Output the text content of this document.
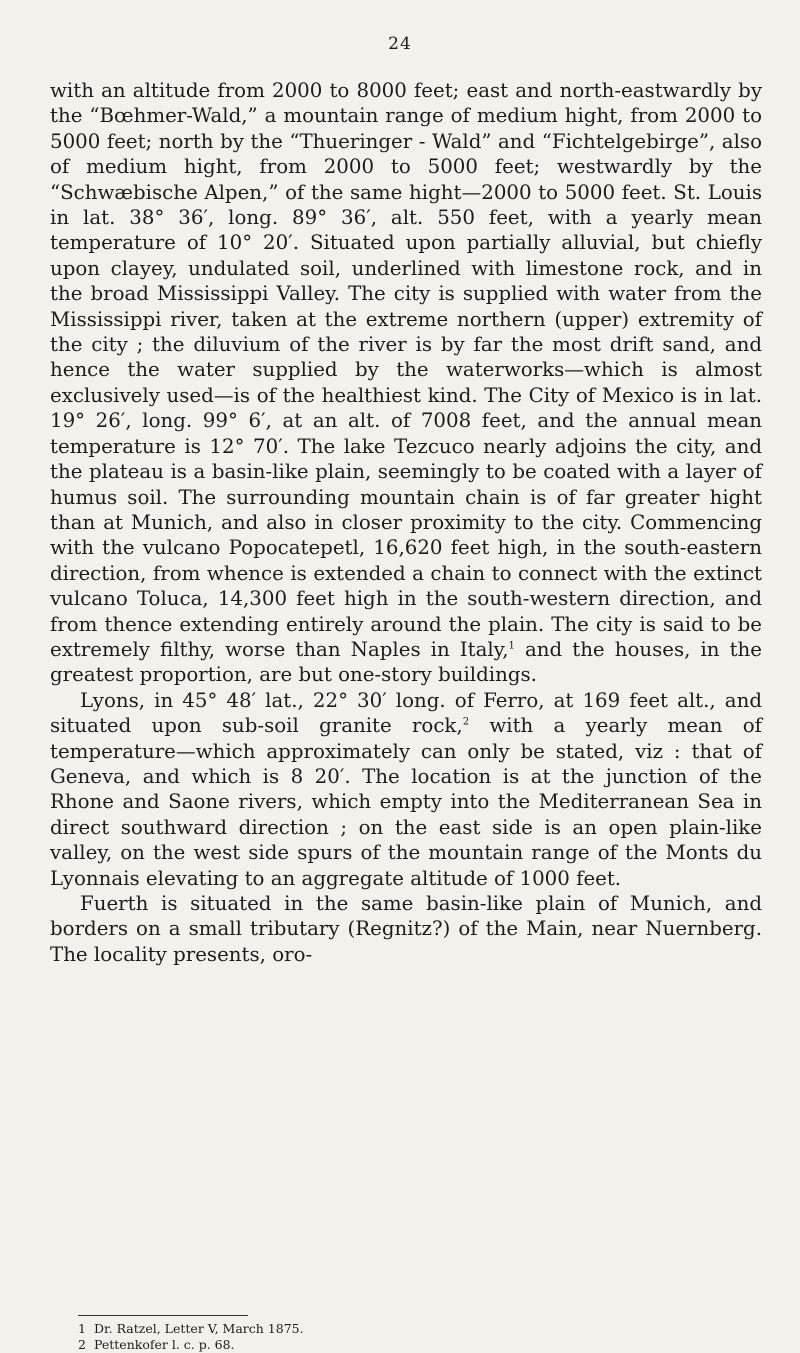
24

with an altitude from 2000 to 8000 feet; east and north-eastwardly by the “Bœhmer-Wald,” a mountain range of medium hight, from 2000 to 5000 feet; north by the “Thueringer - Wald” and “Fichtelgebirge”, also of medium hight, from 2000 to 5000 feet; westwardly by the “Schwæbische Alpen,” of the same hight—2000 to 5000 feet. St. Louis in lat. 38° 36′, long. 89° 36′, alt. 550 feet, with a yearly mean temperature of 10° 20′. Situated upon partially alluvial, but chiefly upon clayey, undulated soil, underlined with limestone rock, and in the broad Mississippi Valley. The city is supplied with water from the Mississippi river, taken at the extreme northern (upper) extremity of the city ; the diluvium of the river is by far the most drift sand, and hence the water supplied by the waterworks—which is almost exclusively used—is of the healthiest kind. The City of Mexico is in lat. 19° 26′, long. 99° 6′, at an alt. of 7008 feet, and the annual mean temperature is 12° 70′. The lake Tezcuco nearly adjoins the city, and the plateau is a basin-like plain, seemingly to be coated with a layer of humus soil. The surrounding mountain chain is of far greater hight than at Munich, and also in closer proximity to the city. Commencing with the vulcano Popocatepetl, 16,620 feet high, in the south-eastern direction, from whence is extended a chain to connect with the extinct vulcano Toluca, 14,300 feet high in the south-western direction, and from thence extending entirely around the plain. The city is said to be extremely filthy, worse than Naples in Italy,$^1$ and the houses, in the greatest proportion, are but one-story buildings.

Lyons, in 45° 48′ lat., 22° 30′ long. of Ferro, at 169 feet alt., and situated upon sub-soil granite rock,$^2$ with a yearly mean of temperature—which approximately can only be stated, viz : that of Geneva, and which is 8 20′. The location is at the junction of the Rhone and Saone rivers, which empty into the Mediterranean Sea in direct southward direction ; on the east side is an open plain-like valley, on the west side spurs of the mountain range of the Monts du Lyonnais elevating to an aggregate altitude of 1000 feet.

Fuerth is situated in the same basin-like plain of Munich, and borders on a small tributary (Regnitz?) of the Main, near Nuernberg. The locality presents, oro-

1 Dr. Ratzel, Letter V, March 1875.
2 Pettenkofer l. c. p. 68.
